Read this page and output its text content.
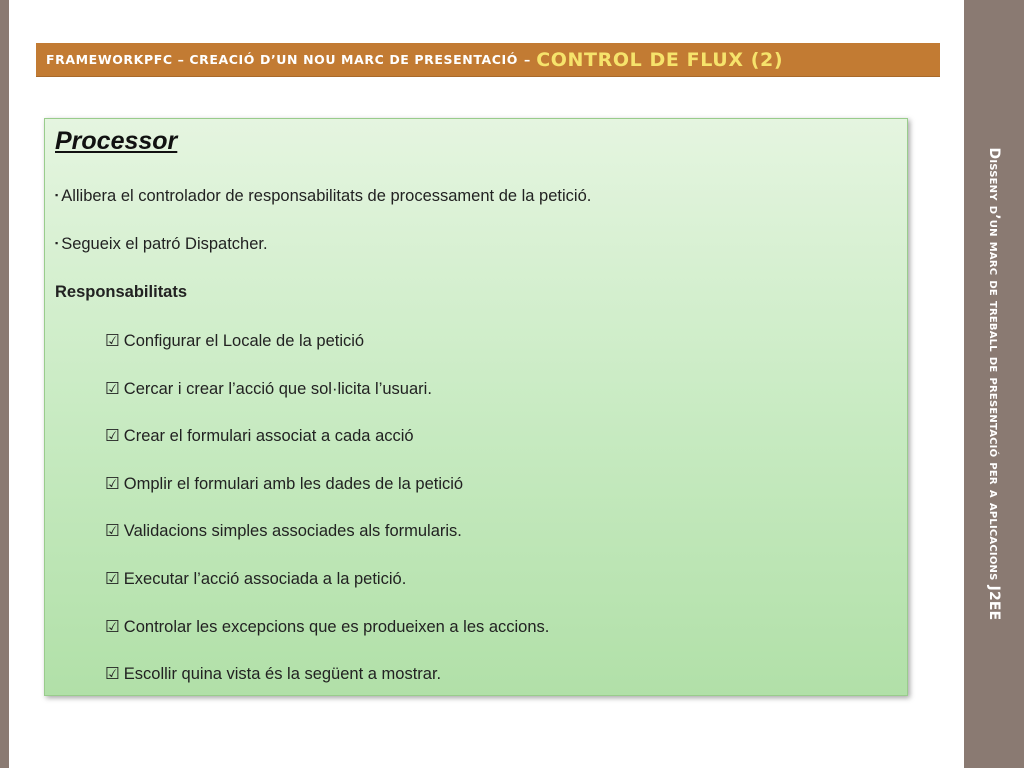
Disseny d’un marc de treball de presentació per a aplicacions J2EE
FRAMEWORKPFC – CREACIÓ D’UN NOU MARC DE PRESENTACIÓ – CONTROL DE FLUX (2)
Processor
▪ Allibera el controlador de responsabilitats de processament de la petició.
▪ Segueix el patró Dispatcher.
Responsabilitats
☑ Configurar el Locale de la petició
☑ Cercar i crear l’acció que sol·licita l’usuari.
☑ Crear el formulari associat a cada acció
☑ Omplir el formulari amb les dades de la petició
☑ Validacions simples associades als formularis.
☑ Executar l’acció associada a la petició.
☑ Controlar les excepcions que es produeixen a les accions.
☑ Escollir quina vista és la següent a mostrar.
